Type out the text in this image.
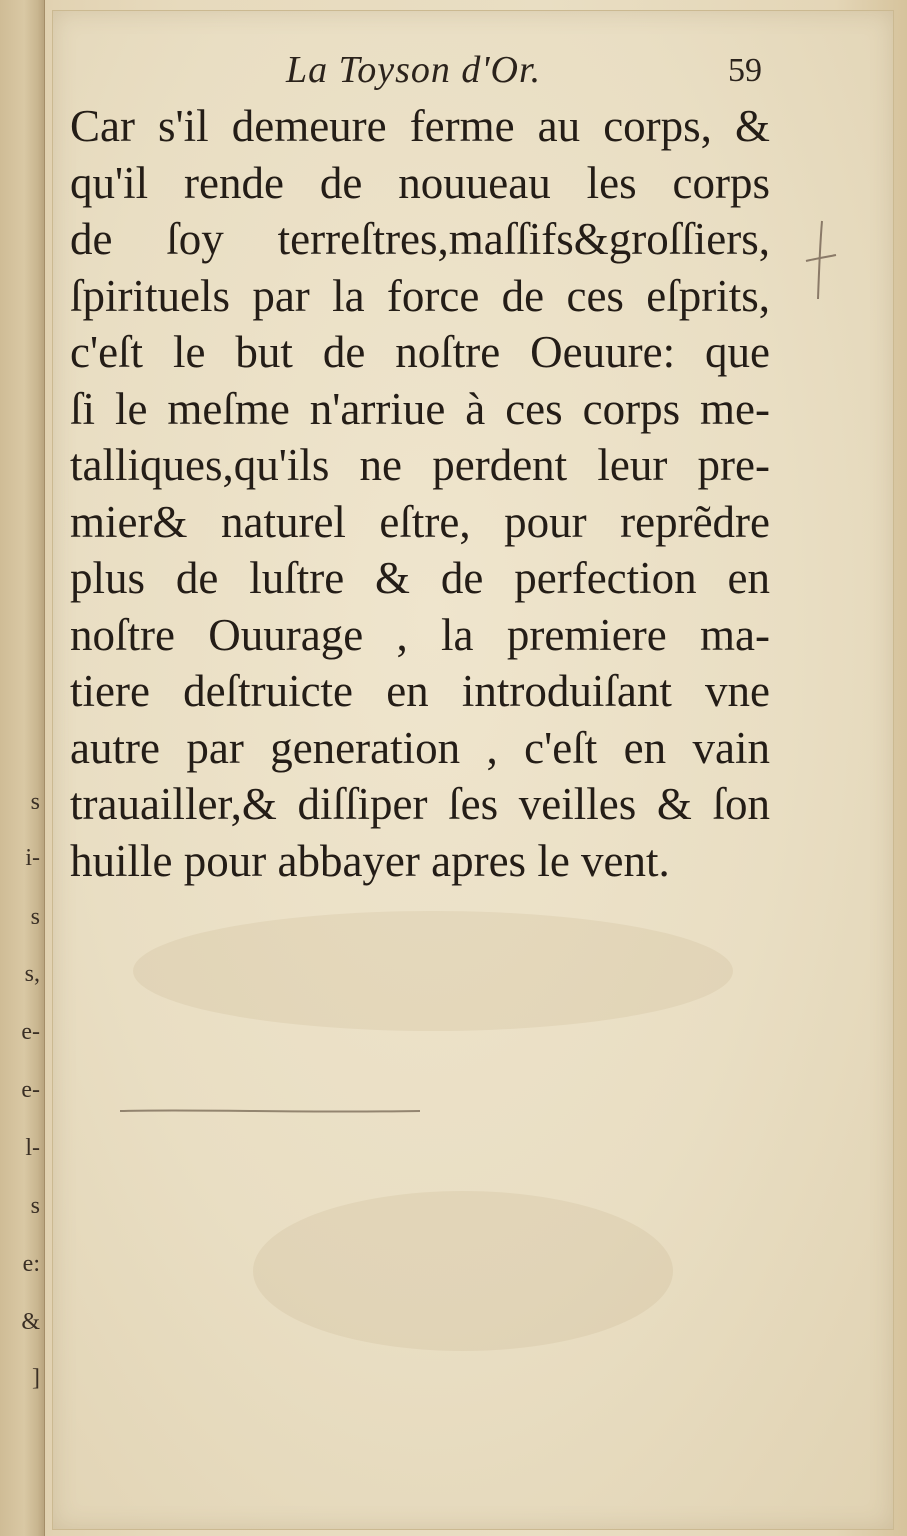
s
i-
s
s,
e-
e-
l-
s
e:
&
]
La Toyson d'Or.	59
Car s'il demeure ferme au corps, &
qu'il rende de nouueau les corps
de ſoy terreſtres,maſſifs&groſſiers,
ſpirituels par la force de ces eſprits,
c'eſt le but de noſtre Oeuure: que
ſi le meſme n'arriue à ces corps me-
talliques,qu'ils ne perdent leur pre-
mier& naturel eſtre, pour reprẽdre
plus de luſtre & de perfection en
noſtre Ouurage , la premiere ma-
tiere deſtruicte en introduiſant vne
autre par generation , c'eſt en vain
trauailler,& diſſiper ſes veilles & ſon
huille pour abbayer apres le vent.
